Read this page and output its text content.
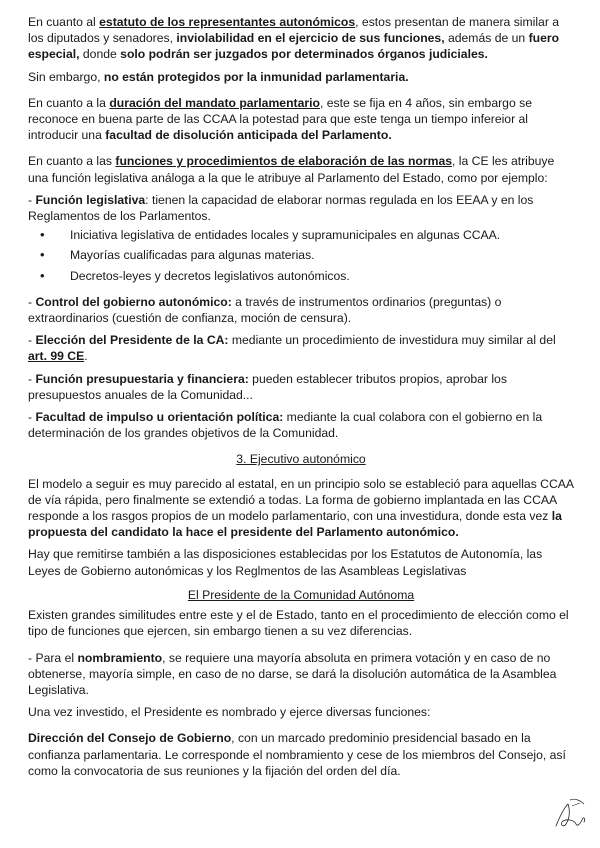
En cuanto al estatuto de los representantes autonómicos, estos presentan de manera similar a los diputados y senadores, inviolabilidad en el ejercicio de sus funciones, además de un fuero especial, donde solo podrán ser juzgados por determinados órganos judiciales.

Sin embargo, no están protegidos por la inmunidad parlamentaria.

En cuanto a la duración del mandato parlamentario, este se fija en 4 años, sin embargo se reconoce en buena parte de las CCAA la potestad para que este tenga un tiempo infereior al introducir una facultad de disolución anticipada del Parlamento.

En cuanto a las funciones y procedimientos de elaboración de las normas, la CE les atribuye una función legislativa análoga a la que le atribuye al Parlamento del Estado, como por ejemplo:

- Función legislativa: tienen la capacidad de elaborar normas regulada en los EEAA y en los Reglamentos de los Parlamentos.

• Iniciativa legislativa de entidades locales y supramunicipales en algunas CCAA.
• Mayorías cualificadas para algunas materias.
• Decretos-leyes y decretos legislativos autonómicos.

- Control del gobierno autonómico: a través de instrumentos ordinarios (preguntas) o extraordinarios (cuestión de confianza, moción de censura).

- Elección del Presidente de la CA: mediante un procedimiento de investidura muy similar al del art. 99 CE.

- Función presupuestaria y financiera: pueden establecer tributos propios, aprobar los presupuestos anuales de la Comunidad...

- Facultad de impulso u orientación política: mediante la cual colabora con el gobierno en la determinación de los grandes objetivos de la Comunidad.

3. Ejecutivo autonómico

El modelo a seguir es muy parecido al estatal, en un principio solo se estableció para aquellas CCAA de vía rápida, pero finalmente se extendió a todas. La forma de gobierno implantada en las CCAA responde a los rasgos propios de un modelo parlamentario, con una investidura, donde esta vez la propuesta del candidato la hace el presidente del Parlamento autonómico.

Hay que remitirse también a las disposiciones establecidas por los Estatutos de Autonomía, las Leyes de Gobierno autonómicas y los Reglmentos de las Asambleas Legislativas

El Presidente de la Comunidad Autónoma

Existen grandes similitudes entre este y el de Estado, tanto en el procedimiento de elección como el tipo de funciones que ejercen, sin embargo tienen a su vez diferencias.

- Para el nombramiento, se requiere una mayoría absoluta en primera votación y en caso de no obtenerse, mayoría simple, en caso de no darse, se dará la disolución automática de la Asamblea Legislativa.

Una vez investido, el Presidente es nombrado y ejerce diversas funciones:

Dirección del Consejo de Gobierno, con un marcado predominio presidencial basado en la confianza parlamentaria. Le corresponde el nombramiento y cese de los miembros del Consejo, así como la convocatoria de sus reuniones y la fijación del orden del día.
